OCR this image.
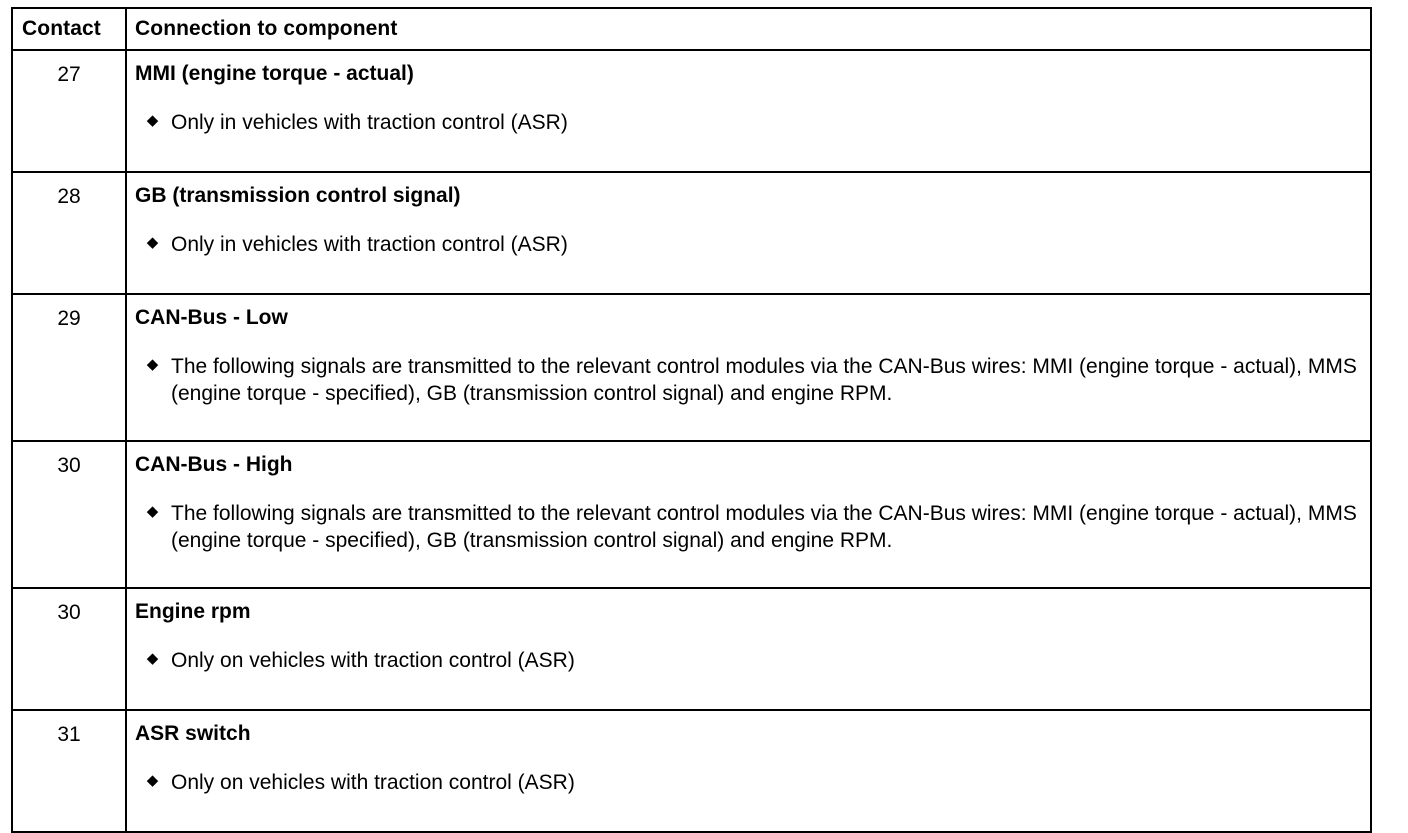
Contact	Connection to component
27	MMI (engine torque - actual)

◆ Only in vehicles with traction control (ASR)

28	GB (transmission control signal)

◆ Only in vehicles with traction control (ASR)

29	CAN-Bus - Low

◆ The following signals are transmitted to the relevant control modules via the CAN-Bus wires: MMI (engine torque - actual), MMS (engine torque - specified), GB (transmission control signal) and engine RPM.

30	CAN-Bus - High

◆ The following signals are transmitted to the relevant control modules via the CAN-Bus wires: MMI (engine torque - actual), MMS (engine torque - specified), GB (transmission control signal) and engine RPM.

30	Engine rpm

◆ Only on vehicles with traction control (ASR)

31	ASR switch

◆ Only on vehicles with traction control (ASR)
